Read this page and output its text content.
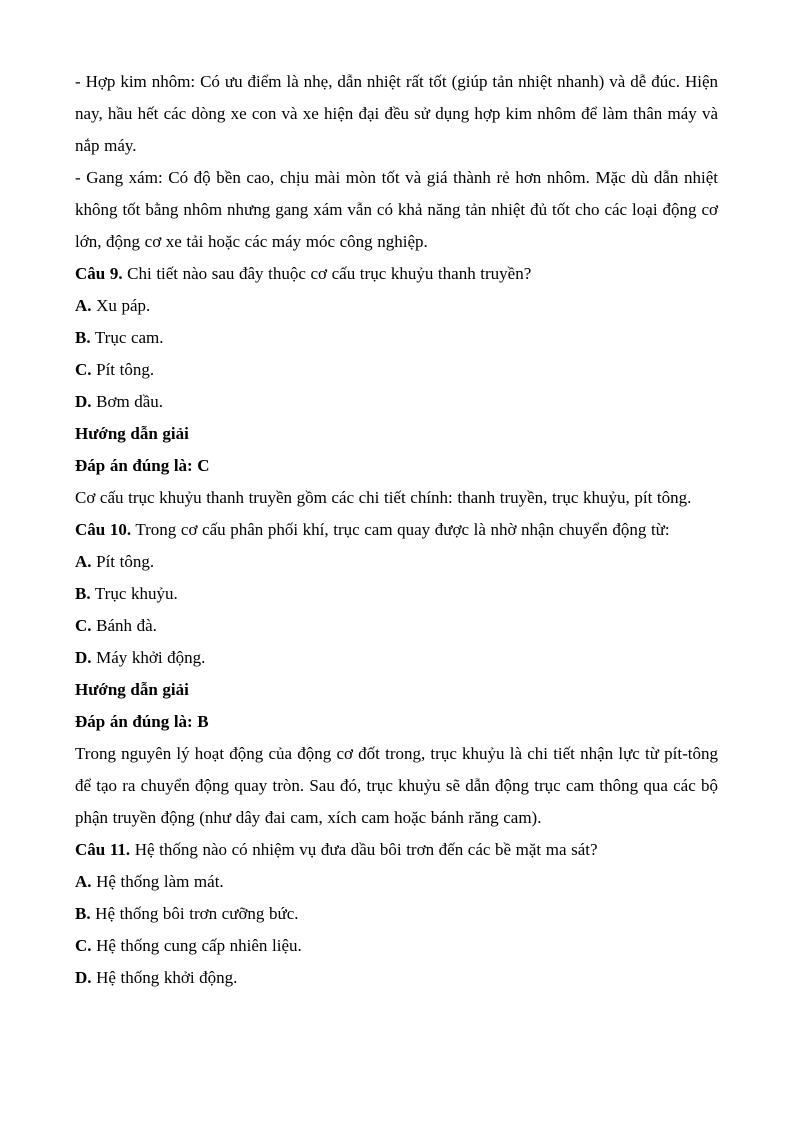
- Hợp kim nhôm: Có ưu điểm là nhẹ, dẫn nhiệt rất tốt (giúp tản nhiệt nhanh) và dễ đúc. Hiện nay, hầu hết các dòng xe con và xe hiện đại đều sử dụng hợp kim nhôm để làm thân máy và nắp máy.

- Gang xám: Có độ bền cao, chịu mài mòn tốt và giá thành rẻ hơn nhôm. Mặc dù dẫn nhiệt không tốt bằng nhôm nhưng gang xám vẫn có khả năng tản nhiệt đủ tốt cho các loại động cơ lớn, động cơ xe tải hoặc các máy móc công nghiệp.

Câu 9. Chi tiết nào sau đây thuộc cơ cấu trục khuỷu thanh truyền?

A. Xu páp.

B. Trục cam.

C. Pít tông.

D. Bơm dầu.

Hướng dẫn giải

Đáp án đúng là: C

Cơ cấu trục khuỷu thanh truyền gồm các chi tiết chính: thanh truyền, trục khuỷu, pít tông.

Câu 10. Trong cơ cấu phân phối khí, trục cam quay được là nhờ nhận chuyển động từ:

A. Pít tông.

B. Trục khuỷu.

C. Bánh đà.

D. Máy khởi động.

Hướng dẫn giải

Đáp án đúng là: B

Trong nguyên lý hoạt động của động cơ đốt trong, trục khuỷu là chi tiết nhận lực từ pít-tông để tạo ra chuyển động quay tròn. Sau đó, trục khuỷu sẽ dẫn động trục cam thông qua các bộ phận truyền động (như dây đai cam, xích cam hoặc bánh răng cam).

Câu 11. Hệ thống nào có nhiệm vụ đưa dầu bôi trơn đến các bề mặt ma sát?

A. Hệ thống làm mát.

B. Hệ thống bôi trơn cưỡng bức.

C. Hệ thống cung cấp nhiên liệu.

D. Hệ thống khởi động.
